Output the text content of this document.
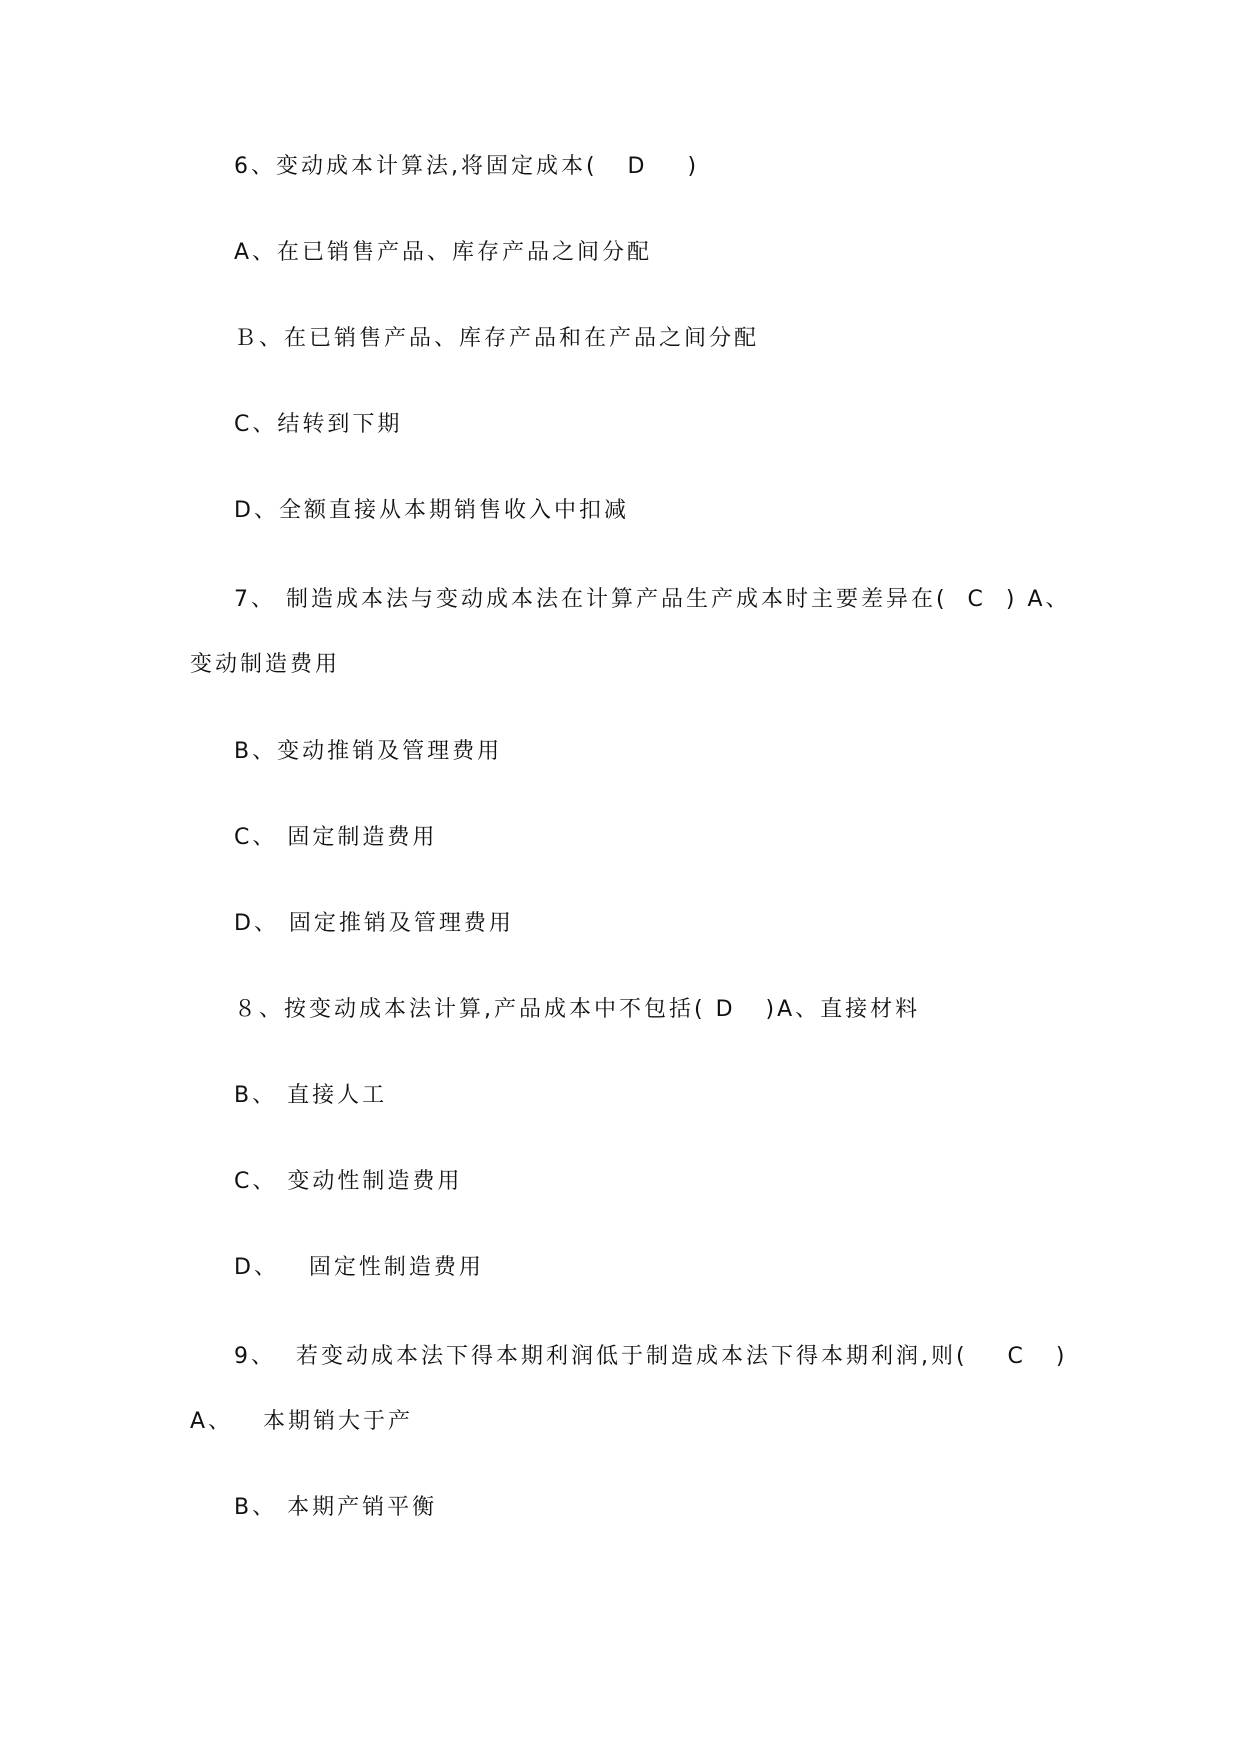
6、变动成本计算法,将固定成本(   D    )
A、在已销售产品、库存产品之间分配
Ｂ、在已销售产品、库存产品和在产品之间分配
C、结转到下期
D、全额直接从本期销售收入中扣减
7、 制造成本法与变动成本法在计算产品生产成本时主要差异在(  C  ) A、
变动制造费用
B、变动推销及管理费用
C、 固定制造费用
D、 固定推销及管理费用
８、按变动成本法计算,产品成本中不包括( D   )A、直接材料
B、 直接人工
C、 变动性制造费用
D、   固定性制造费用
9、  若变动成本法下得本期利润低于制造成本法下得本期利润,则(    C   )
A、   本期销大于产
B、 本期产销平衡
